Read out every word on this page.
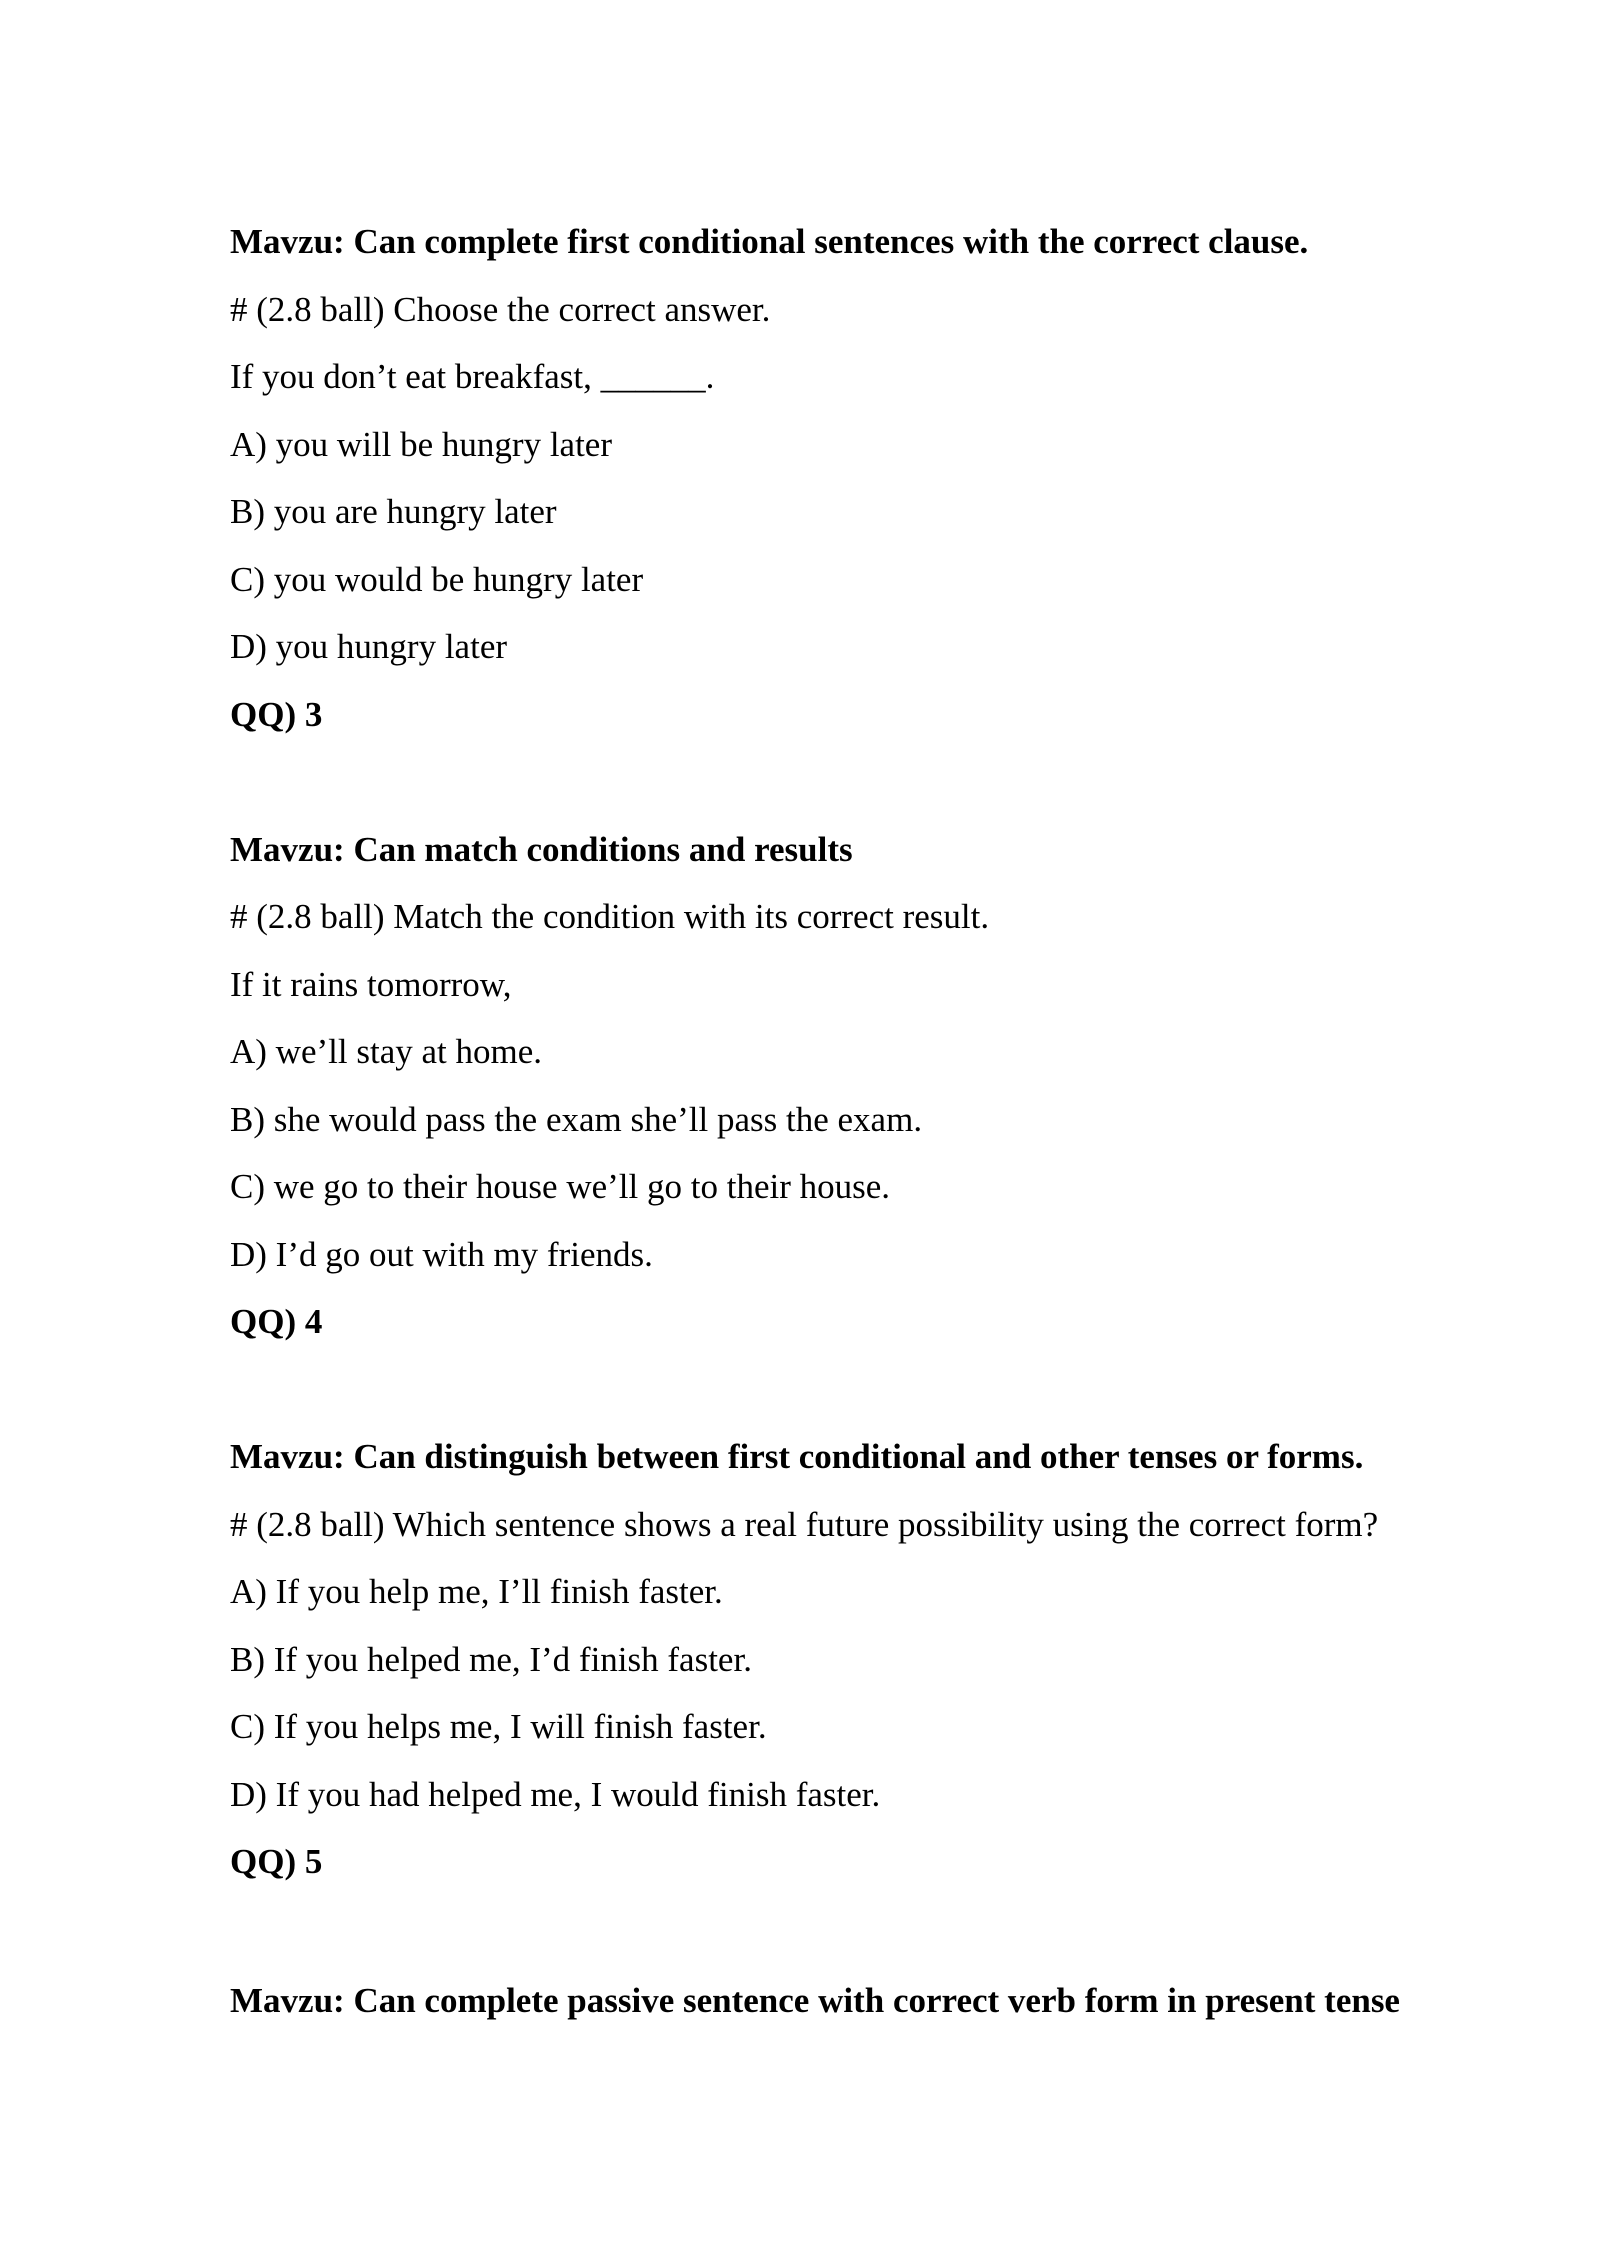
Mavzu: Can complete first conditional sentences with the correct clause.
# (2.8 ball) Choose the correct answer.
If you don’t eat breakfast, ______.
A) you will be hungry later
B) you are hungry later
C) you would be hungry later
D) you hungry later
QQ) 3
Mavzu: Can match conditions and results
# (2.8 ball) Match the condition with its correct result.
If it rains tomorrow,
A) we’ll stay at home.
B) she would pass the exam she’ll pass the exam.
C) we go to their house we’ll go to their house.
D) I’d go out with my friends.
QQ) 4
Mavzu: Can distinguish between first conditional and other tenses or forms.
# (2.8 ball) Which sentence shows a real future possibility using the correct form?
A) If you help me, I’ll finish faster.
B) If you helped me, I’d finish faster.
C) If you helps me, I will finish faster.
D) If you had helped me, I would finish faster.
QQ) 5
Mavzu: Can complete passive sentence with correct verb form in present tense
